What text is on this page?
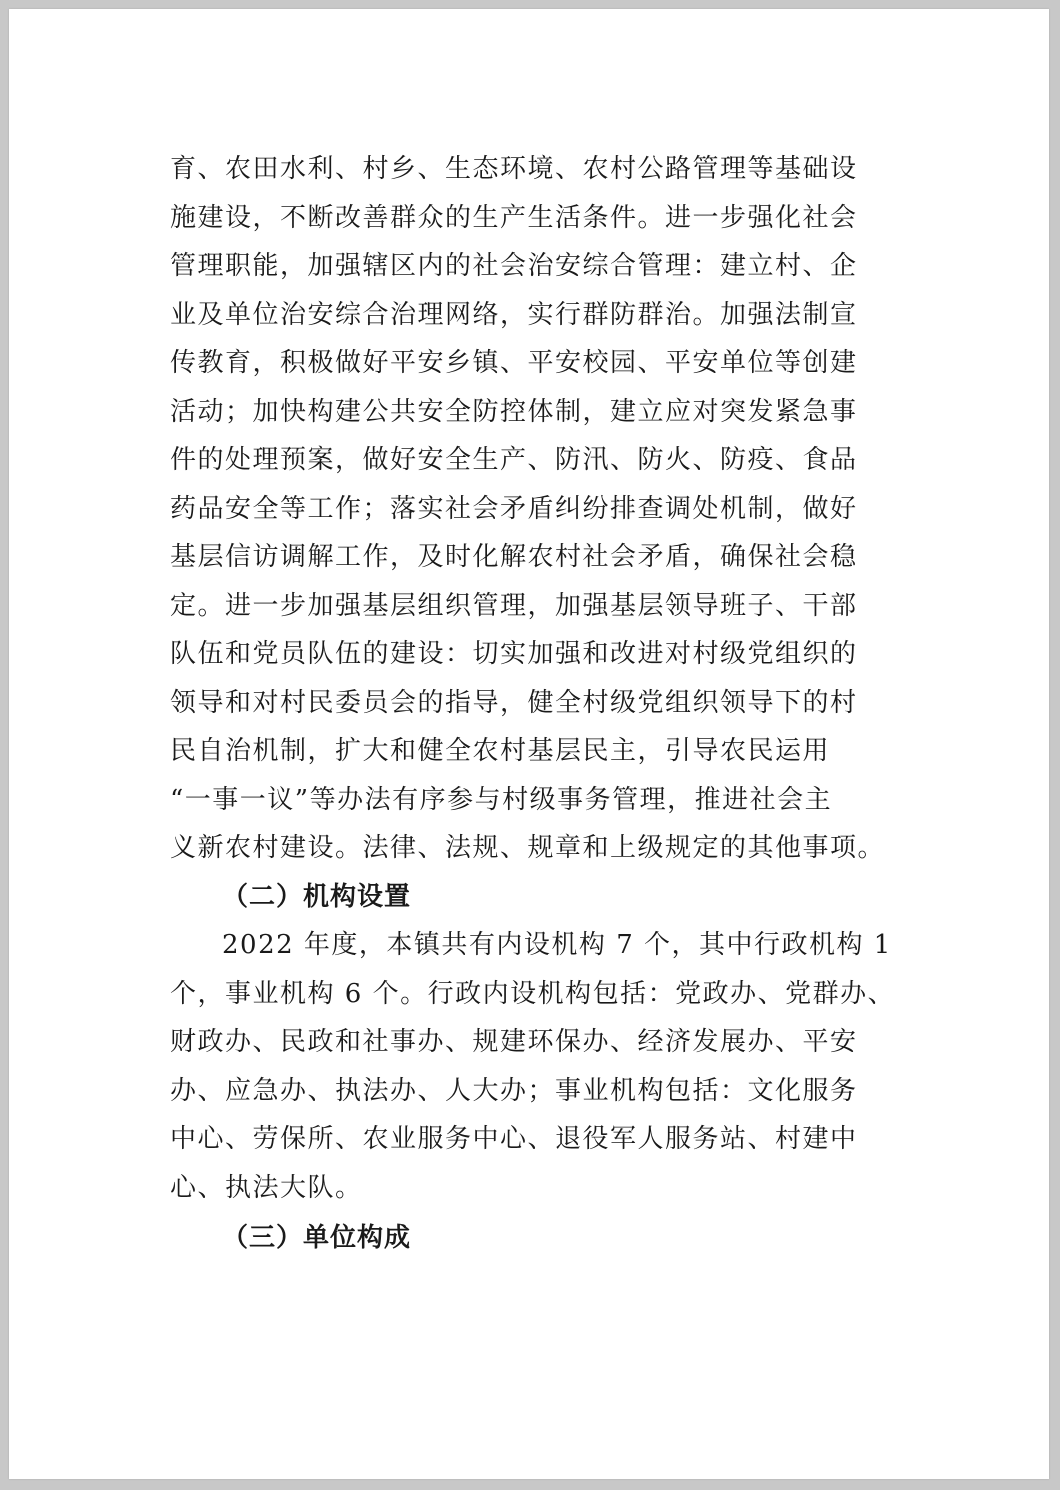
育、农田水利、村乡、生态环境、农村公路管理等基础设
施建设，不断改善群众的生产生活条件。进一步强化社会
管理职能，加强辖区内的社会治安综合管理：建立村、企
业及单位治安综合治理网络，实行群防群治。加强法制宣
传教育，积极做好平安乡镇、平安校园、平安单位等创建
活动；加快构建公共安全防控体制，建立应对突发紧急事
件的处理预案，做好安全生产、防汛、防火、防疫、食品
药品安全等工作；落实社会矛盾纠纷排查调处机制，做好
基层信访调解工作，及时化解农村社会矛盾，确保社会稳
定。进一步加强基层组织管理，加强基层领导班子、干部
队伍和党员队伍的建设：切实加强和改进对村级党组织的
领导和对村民委员会的指导，健全村级党组织领导下的村
民自治机制，扩大和健全农村基层民主，引导农民运用
“一事一议”等办法有序参与村级事务管理，推进社会主
义新农村建设。法律、法规、规章和上级规定的其他事项。
（二）机构设置
2022 年度，本镇共有内设机构 7 个，其中行政机构 1
个，事业机构 6 个。行政内设机构包括：党政办、党群办、
财政办、民政和社事办、规建环保办、经济发展办、平安
办、应急办、执法办、人大办；事业机构包括：文化服务
中心、劳保所、农业服务中心、退役军人服务站、村建中
心、执法大队。
（三）单位构成
